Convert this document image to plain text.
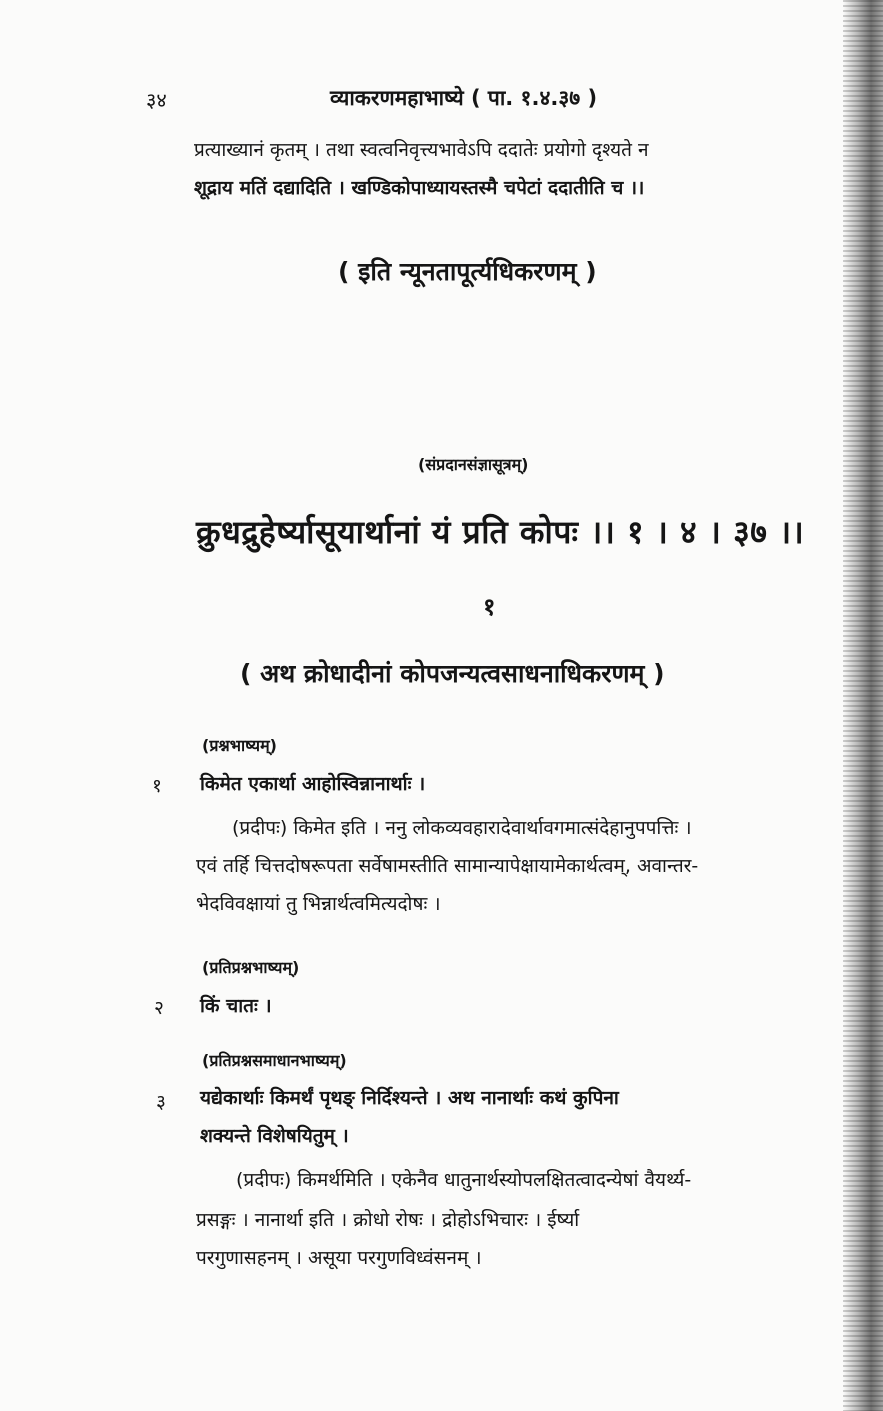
३४	व्याकरणमहाभाष्ये ( पा. १.४.३७ )
प्रत्याख्यानं कृतम् । तथा स्वत्वनिवृत्त्यभावेऽपि ददातेः प्रयोगो दृश्यते न
शूद्राय मतिं दद्यादिति । खण्डिकोपाध्यायस्तस्मै चपेटां ददातीति च ।।
( इति न्यूनतापूर्त्यधिकरणम् )
(संप्रदानसंज्ञासूत्रम्)
क्रुधद्रुहेर्ष्यासूयार्थानां यं प्रति कोपः ।। १ । ४ । ३७ ।।
१
( अथ क्रोधादीनां कोपजन्यत्वसाधनाधिकरणम् )
(प्रश्नभाष्यम्)
१ किमेत एकार्था आहोस्विन्नानार्थाः ।
(प्रदीपः) किमेत इति । ननु लोकव्यवहारादेवार्थावगमात्संदेहानुपपत्तिः ।
एवं तर्हि चित्तदोषरूपता सर्वेषामस्तीति सामान्यापेक्षायामेकार्थत्वम्, अवान्तर-
भेदविवक्षायां तु भिन्नार्थत्वमित्यदोषः ।
(प्रतिप्रश्नभाष्यम्)
२ किं चातः ।
(प्रतिप्रश्नसमाधानभाष्यम्)
३ यद्येकार्थाः किमर्थं पृथङ् निर्दिश्यन्ते । अथ नानार्थाः कथं कुपिना
शक्यन्ते विशेषयितुम् ।
(प्रदीपः) किमर्थमिति । एकेनैव धातुनार्थस्योपलक्षितत्वादन्येषां वैयर्थ्य-
प्रसङ्गः । नानार्था इति । क्रोधो रोषः । द्रोहोऽभिचारः । ईर्ष्या
परगुणासहनम् । असूया परगुणविध्वंसनम् ।
